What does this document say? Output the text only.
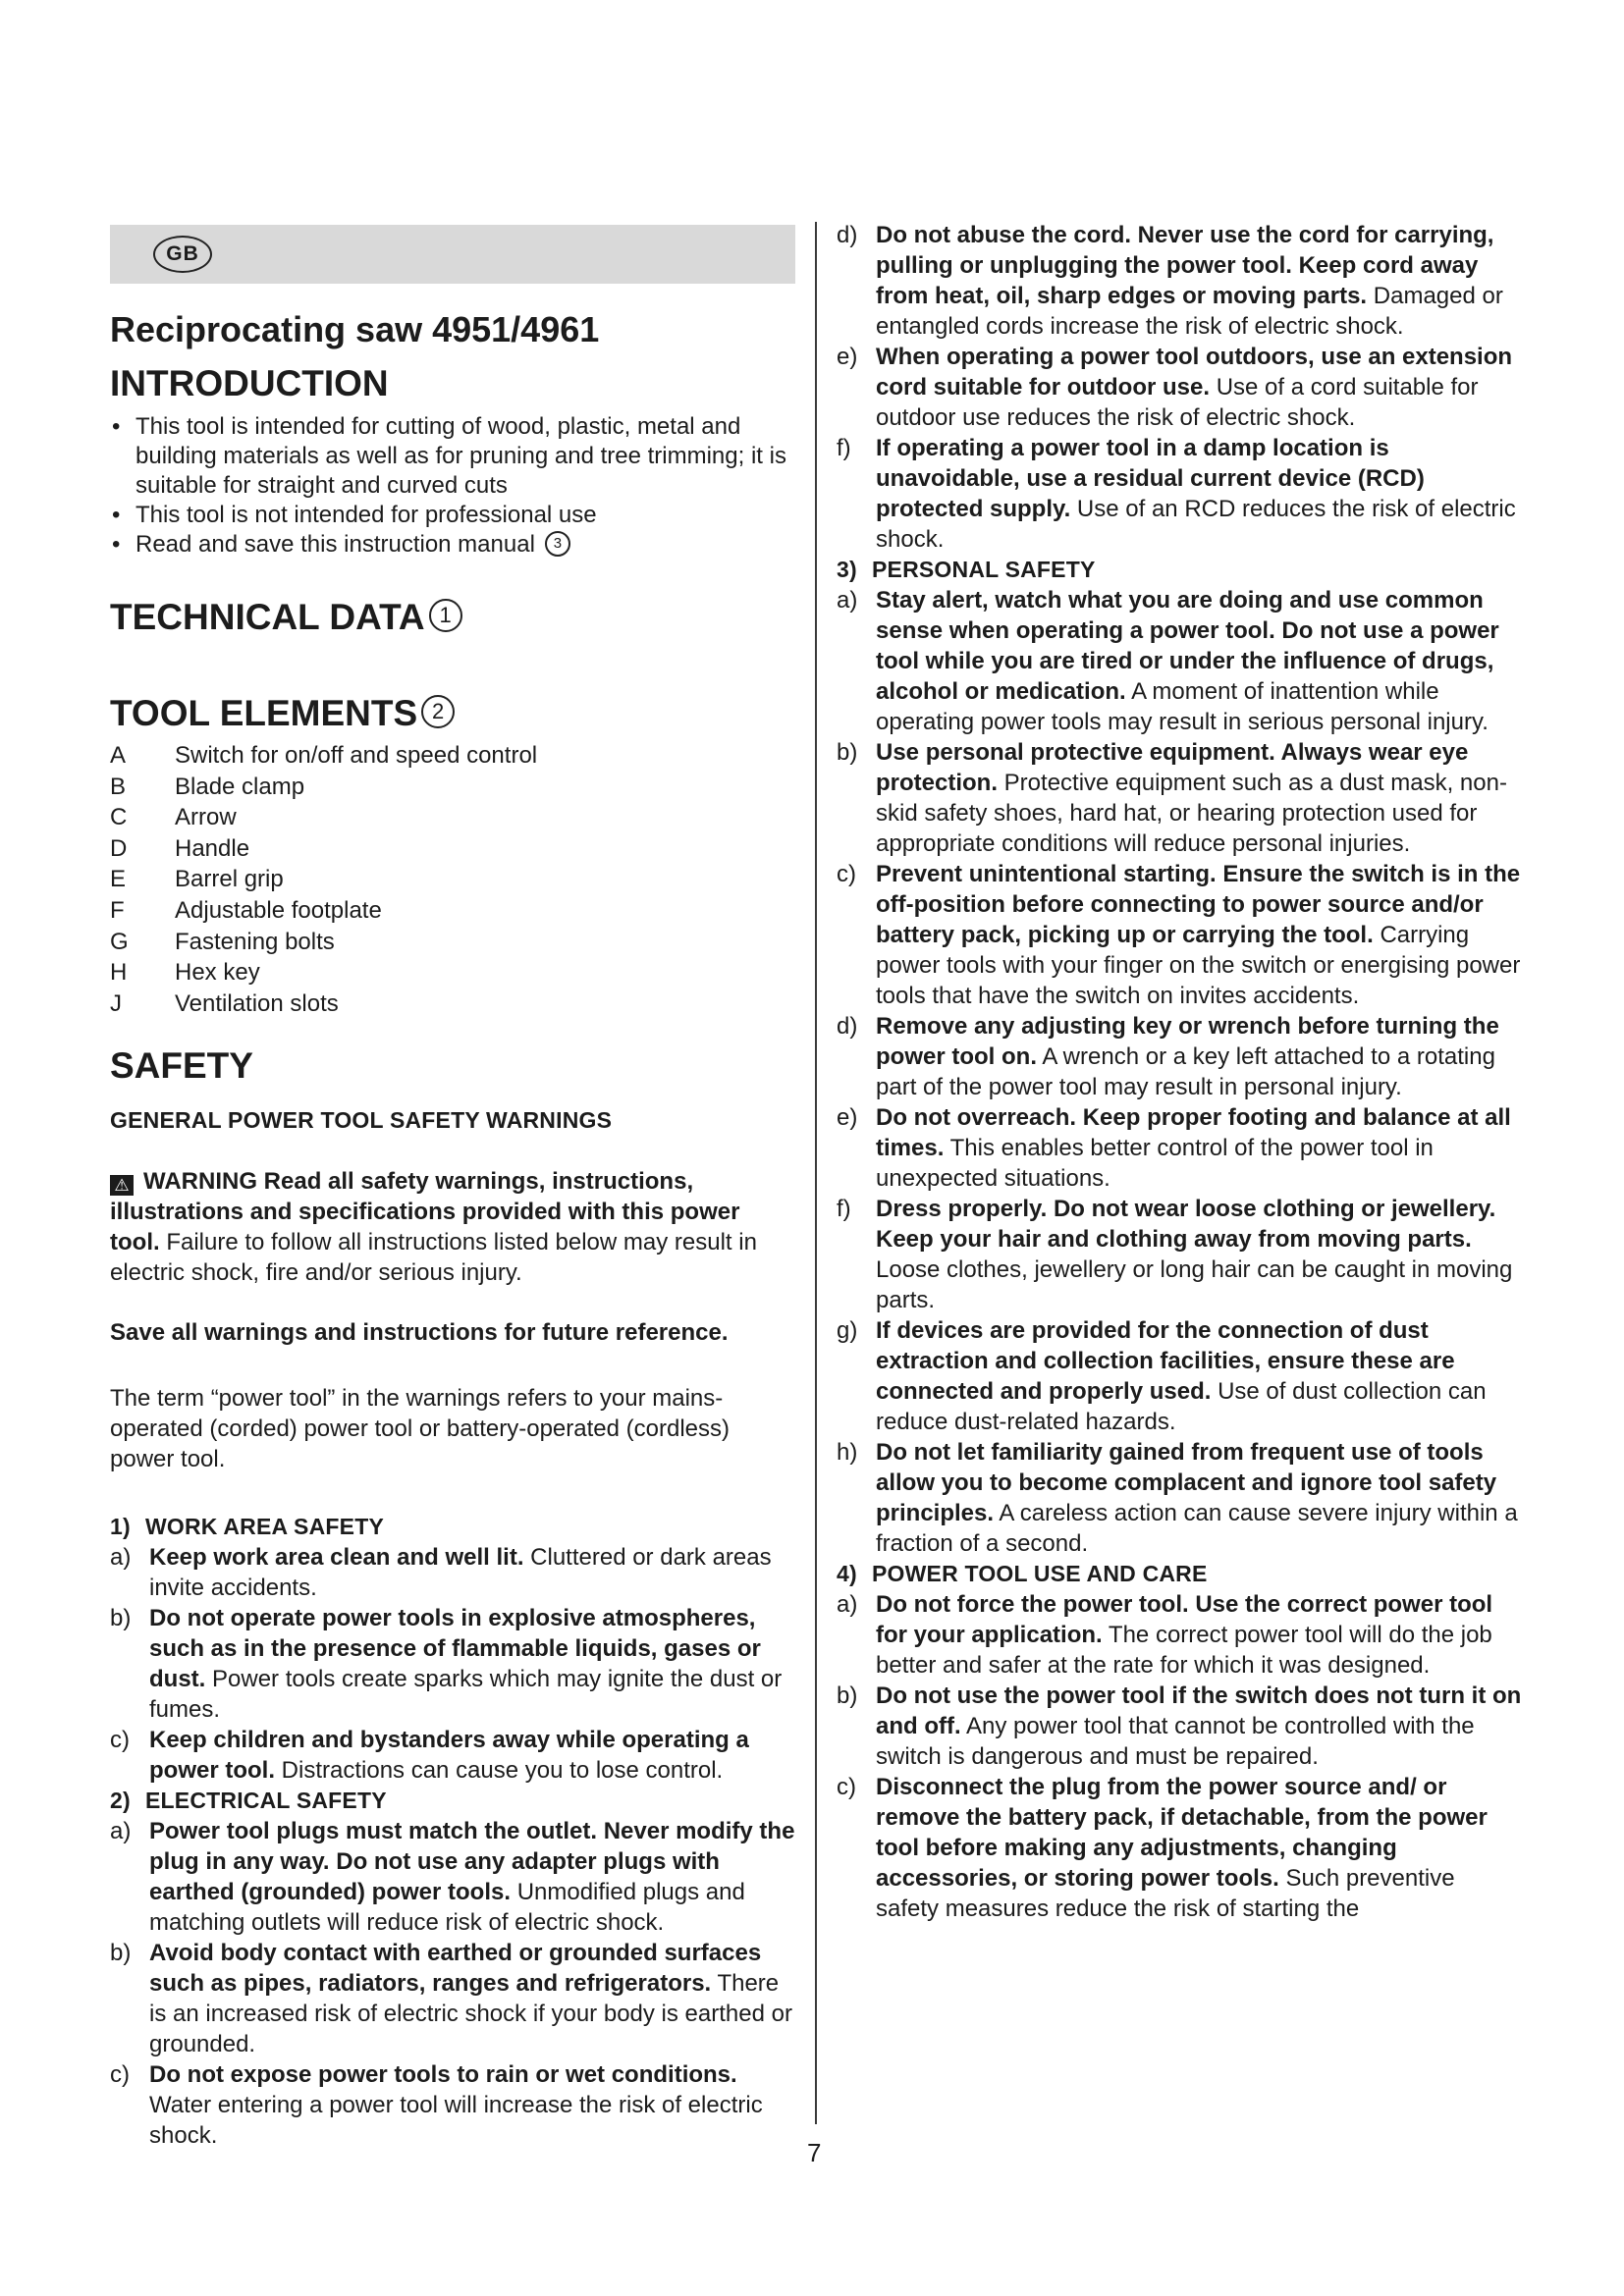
GB
Reciprocating saw 4951/4961
INTRODUCTION
• This tool is intended for cutting of wood, plastic, metal and building materials as well as for pruning and tree trimming; it is suitable for straight and curved cuts
• This tool is not intended for professional use
• Read and save this instruction manual 3
TECHNICAL DATA 1
TOOL ELEMENTS 2
A	Switch for on/off and speed control
B	Blade clamp
C	Arrow
D	Handle
E	Barrel grip
F	Adjustable footplate
G	Fastening bolts
H	Hex key
J	Ventilation slots
SAFETY
GENERAL POWER TOOL SAFETY WARNINGS
⚠ WARNING Read all safety warnings, instructions, illustrations and specifications provided with this power tool. Failure to follow all instructions listed below may result in electric shock, fire and/or serious injury.
Save all warnings and instructions for future reference.
The term “power tool” in the warnings refers to your mains-operated (corded) power tool or battery-operated (cordless) power tool.
1) WORK AREA SAFETY
a) Keep work area clean and well lit. Cluttered or dark areas invite accidents.
b) Do not operate power tools in explosive atmospheres, such as in the presence of flammable liquids, gases or dust. Power tools create sparks which may ignite the dust or fumes.
c) Keep children and bystanders away while operating a power tool. Distractions can cause you to lose control.
2) ELECTRICAL SAFETY
a) Power tool plugs must match the outlet. Never modify the plug in any way. Do not use any adapter plugs with earthed (grounded) power tools. Unmodified plugs and matching outlets will reduce risk of electric shock.
b) Avoid body contact with earthed or grounded surfaces such as pipes, radiators, ranges and refrigerators. There is an increased risk of electric shock if your body is earthed or grounded.
c) Do not expose power tools to rain or wet conditions. Water entering a power tool will increase the risk of electric shock.
d) Do not abuse the cord. Never use the cord for carrying, pulling or unplugging the power tool. Keep cord away from heat, oil, sharp edges or moving parts. Damaged or entangled cords increase the risk of electric shock.
e) When operating a power tool outdoors, use an extension cord suitable for outdoor use. Use of a cord suitable for outdoor use reduces the risk of electric shock.
f) If operating a power tool in a damp location is unavoidable, use a residual current device (RCD) protected supply. Use of an RCD reduces the risk of electric shock.
3) PERSONAL SAFETY
a) Stay alert, watch what you are doing and use common sense when operating a power tool. Do not use a power tool while you are tired or under the influence of drugs, alcohol or medication. A moment of inattention while operating power tools may result in serious personal injury.
b) Use personal protective equipment. Always wear eye protection. Protective equipment such as a dust mask, non-skid safety shoes, hard hat, or hearing protection used for appropriate conditions will reduce personal injuries.
c) Prevent unintentional starting. Ensure the switch is in the off-position before connecting to power source and/or battery pack, picking up or carrying the tool. Carrying power tools with your finger on the switch or energising power tools that have the switch on invites accidents.
d) Remove any adjusting key or wrench before turning the power tool on. A wrench or a key left attached to a rotating part of the power tool may result in personal injury.
e) Do not overreach. Keep proper footing and balance at all times. This enables better control of the power tool in unexpected situations.
f) Dress properly. Do not wear loose clothing or jewellery. Keep your hair and clothing away from moving parts. Loose clothes, jewellery or long hair can be caught in moving parts.
g) If devices are provided for the connection of dust extraction and collection facilities, ensure these are connected and properly used. Use of dust collection can reduce dust-related hazards.
h) Do not let familiarity gained from frequent use of tools allow you to become complacent and ignore tool safety principles. A careless action can cause severe injury within a fraction of a second.
4) POWER TOOL USE AND CARE
a) Do not force the power tool. Use the correct power tool for your application. The correct power tool will do the job better and safer at the rate for which it was designed.
b) Do not use the power tool if the switch does not turn it on and off. Any power tool that cannot be controlled with the switch is dangerous and must be repaired.
c) Disconnect the plug from the power source and/ or remove the battery pack, if detachable, from the power tool before making any adjustments, changing accessories, or storing power tools. Such preventive safety measures reduce the risk of starting the
7
